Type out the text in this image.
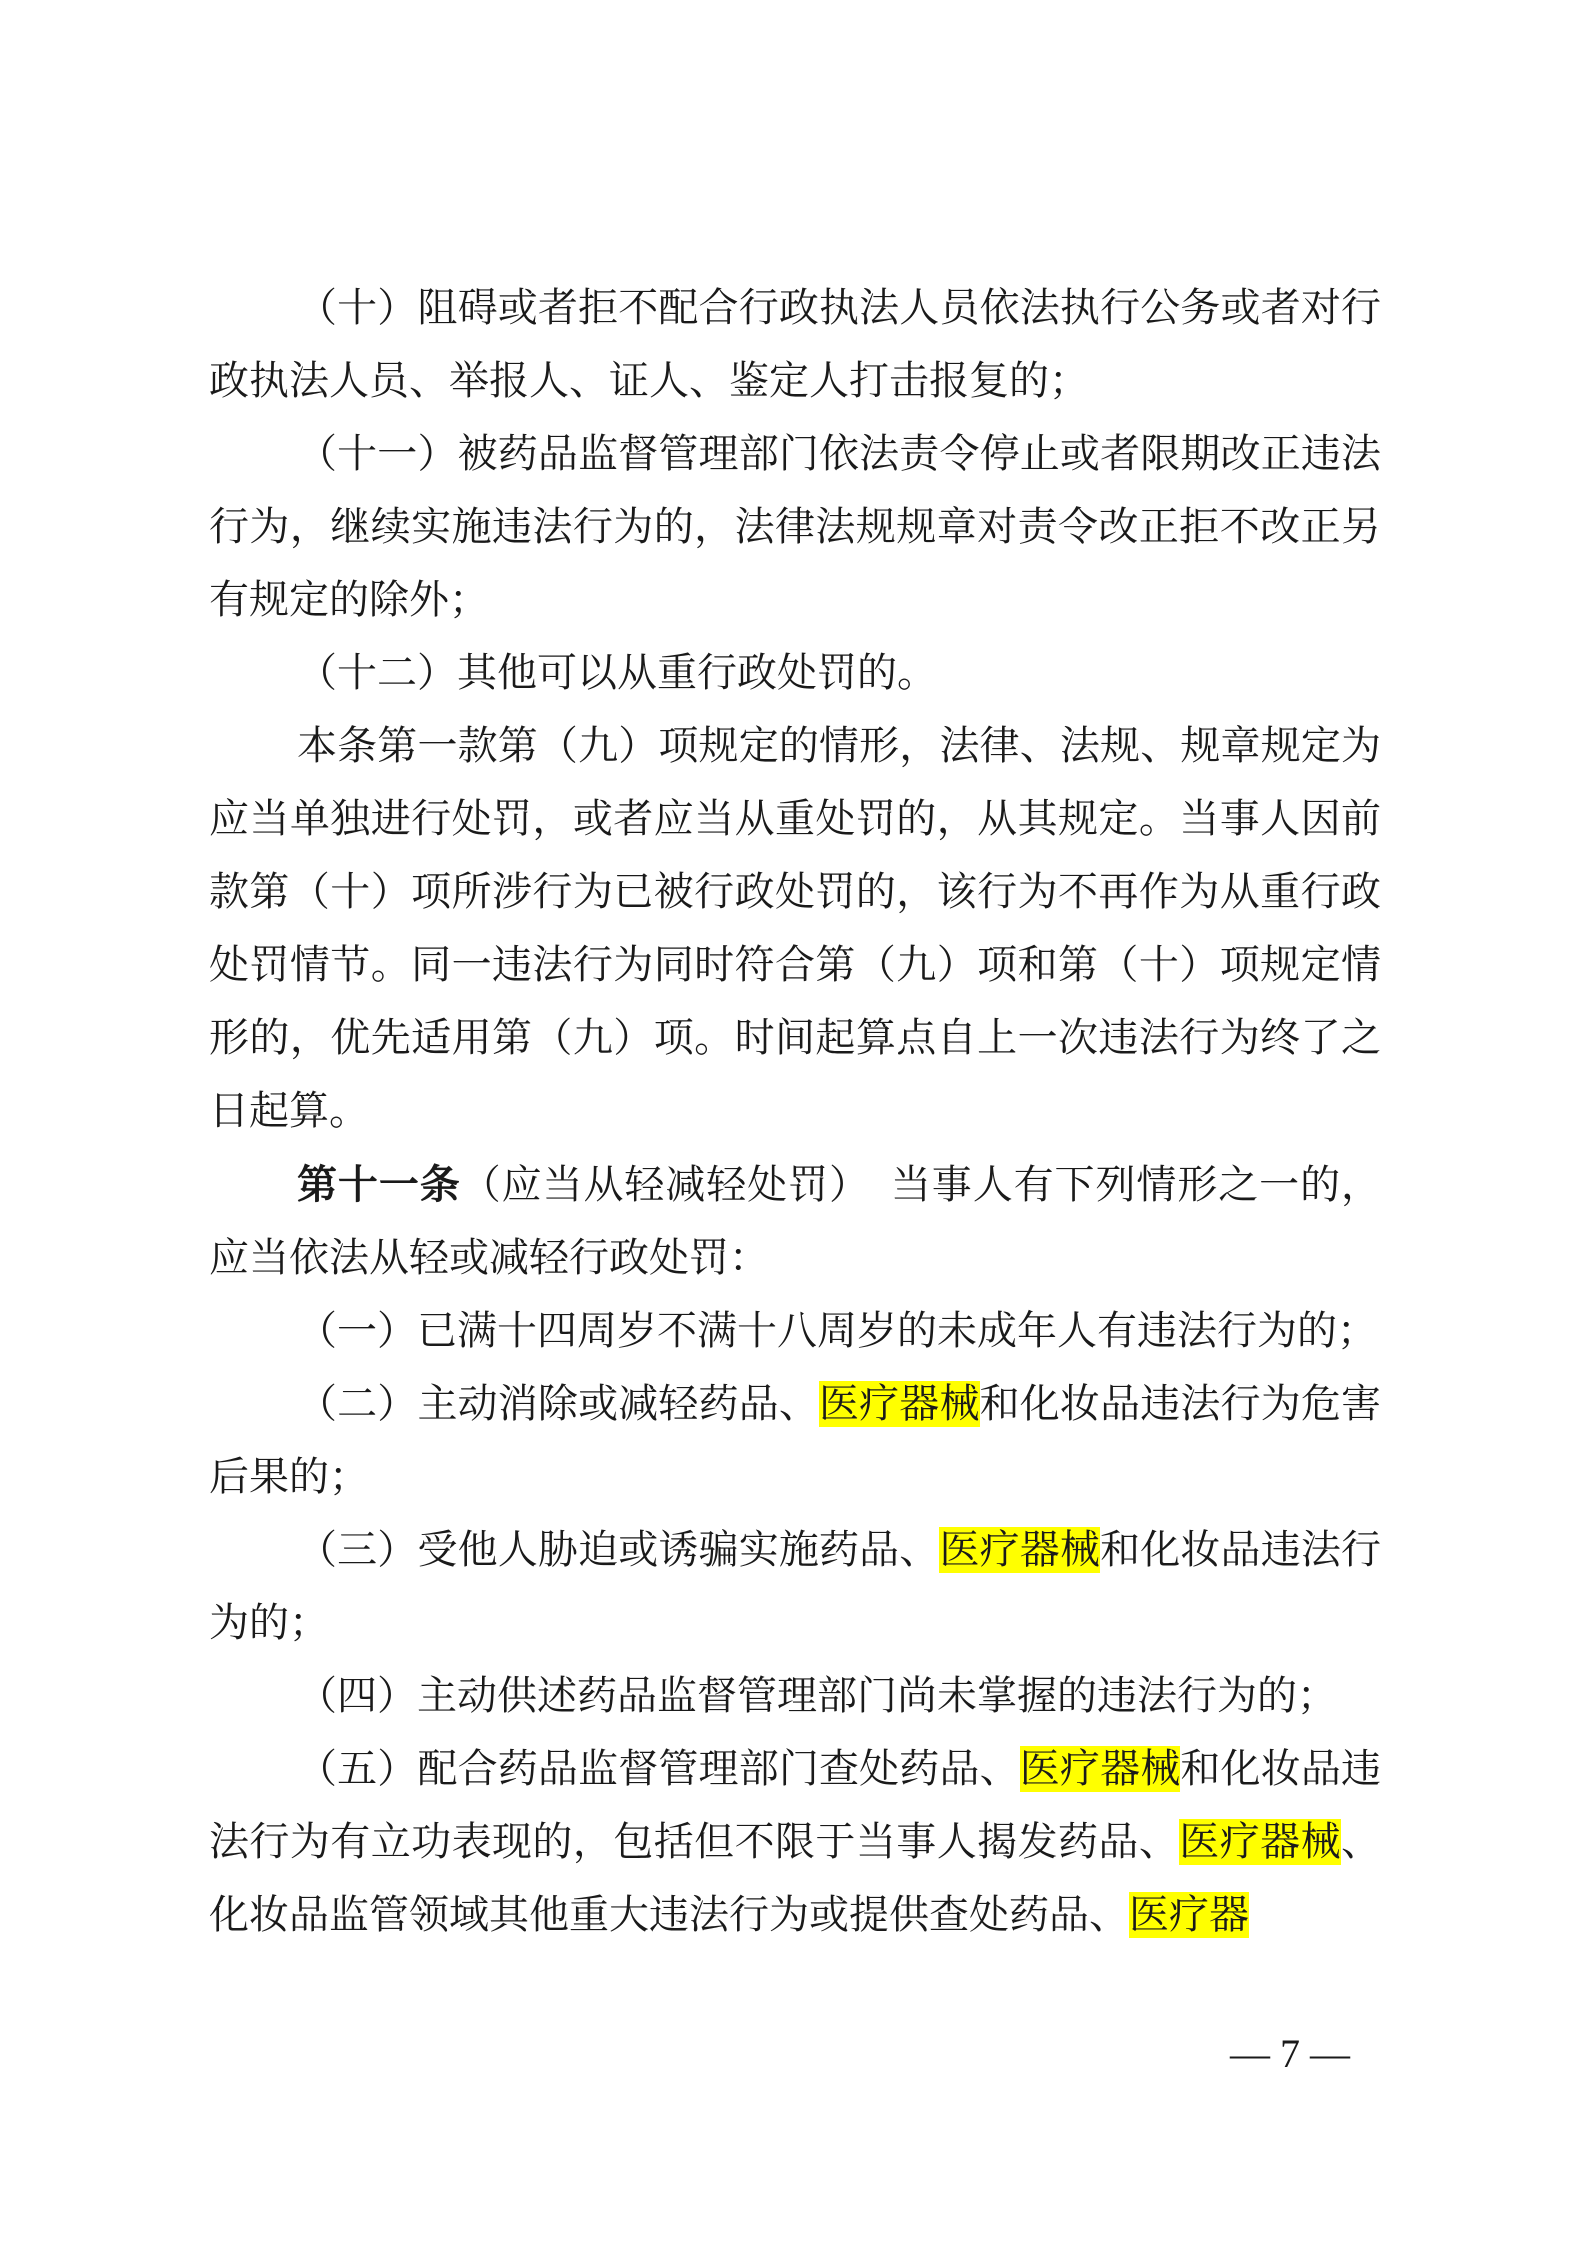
（十）阻碍或者拒不配合行政执法人员依法执行公务或者对行政执法人员、举报人、证人、鉴定人打击报复的；

（十一）被药品监督管理部门依法责令停止或者限期改正违法行为，继续实施违法行为的，法律法规规章对责令改正拒不改正另有规定的除外；

（十二）其他可以从重行政处罚的。

本条第一款第（九）项规定的情形，法律、法规、规章规定为应当单独进行处罚，或者应当从重处罚的，从其规定。当事人因前款第（十）项所涉行为已被行政处罚的，该行为不再作为从重行政处罚情节。同一违法行为同时符合第（九）项和第（十）项规定情形的，优先适用第（九）项。时间起算点自上一次违法行为终了之日起算。

第十一条（应当从轻减轻处罚）　当事人有下列情形之一的，应当依法从轻或减轻行政处罚：

（一）已满十四周岁不满十八周岁的未成年人有违法行为的；

（二）主动消除或减轻药品、医疗器械和化妆品违法行为危害后果的；

（三）受他人胁迫或诱骗实施药品、医疗器械和化妆品违法行为的；

（四）主动供述药品监督管理部门尚未掌握的违法行为的；

（五）配合药品监督管理部门查处药品、医疗器械和化妆品违法行为有立功表现的，包括但不限于当事人揭发药品、医疗器械、化妆品监管领域其他重大违法行为或提供查处药品、医疗器

— 7 —
